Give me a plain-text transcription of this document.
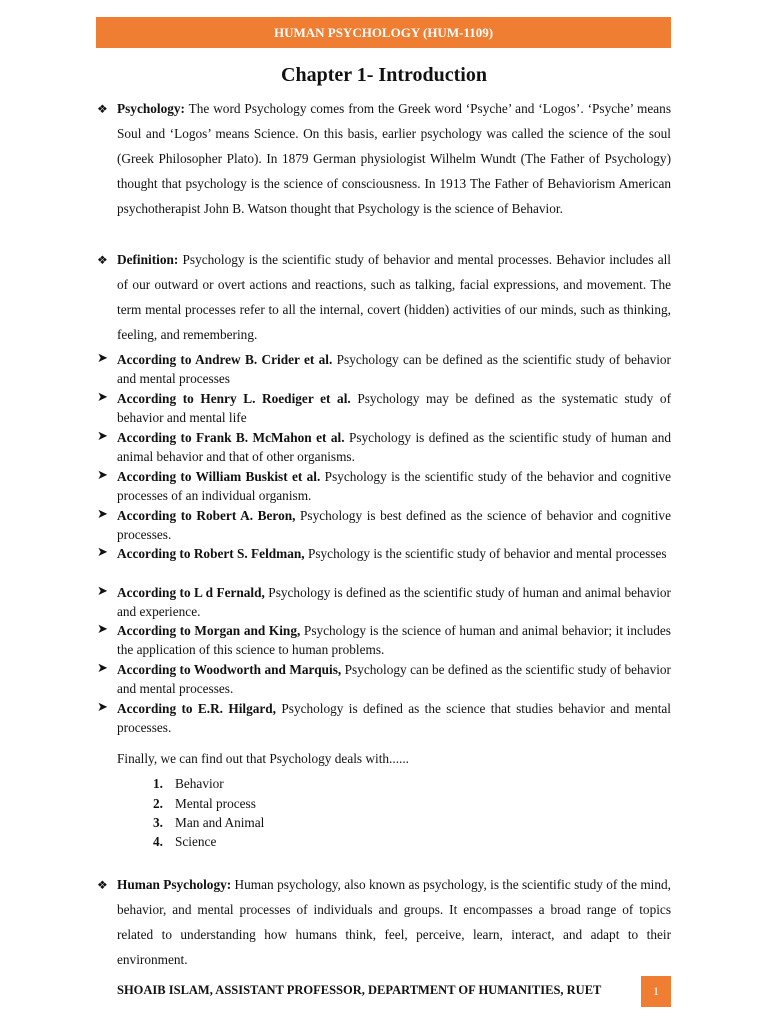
HUMAN PSYCHOLOGY (HUM-1109)
Chapter 1- Introduction
❖ Psychology: The word Psychology comes from the Greek word ‘Psyche’ and ‘Logos’. ‘Psyche’ means Soul and ‘Logos’ means Science. On this basis, earlier psychology was called the science of the soul (Greek Philosopher Plato). In 1879 German physiologist Wilhelm Wundt (The Father of Psychology) thought that psychology is the science of consciousness. In 1913 The Father of Behaviorism American psychotherapist John B. Watson thought that Psychology is the science of Behavior.
❖ Definition: Psychology is the scientific study of behavior and mental processes. Behavior includes all of our outward or overt actions and reactions, such as talking, facial expressions, and movement. The term mental processes refer to all the internal, covert (hidden) activities of our minds, such as thinking, feeling, and remembering.
➤ According to Andrew B. Crider et al. Psychology can be defined as the scientific study of behavior and mental processes
➤ According to Henry L. Roediger et al. Psychology may be defined as the systematic study of behavior and mental life
➤ According to Frank B. McMahon et al. Psychology is defined as the scientific study of human and animal behavior and that of other organisms.
➤ According to William Buskist et al. Psychology is the scientific study of the behavior and cognitive processes of an individual organism.
➤ According to Robert A. Beron, Psychology is best defined as the science of behavior and cognitive processes.
➤ According to Robert S. Feldman, Psychology is the scientific study of behavior and mental processes
➤ According to L d Fernald, Psychology is defined as the scientific study of human and animal behavior and experience.
➤ According to Morgan and King, Psychology is the science of human and animal behavior; it includes the application of this science to human problems.
➤ According to Woodworth and Marquis, Psychology can be defined as the scientific study of behavior and mental processes.
➤ According to E.R. Hilgard, Psychology is defined as the science that studies behavior and mental processes.
Finally, we can find out that Psychology deals with......
1. Behavior
2. Mental process
3. Man and Animal
4. Science
❖ Human Psychology: Human psychology, also known as psychology, is the scientific study of the mind, behavior, and mental processes of individuals and groups. It encompasses a broad range of topics related to understanding how humans think, feel, perceive, learn, interact, and adapt to their environment.
SHOAIB ISLAM, ASSISTANT PROFESSOR, DEPARTMENT OF HUMANITIES, RUET	1
